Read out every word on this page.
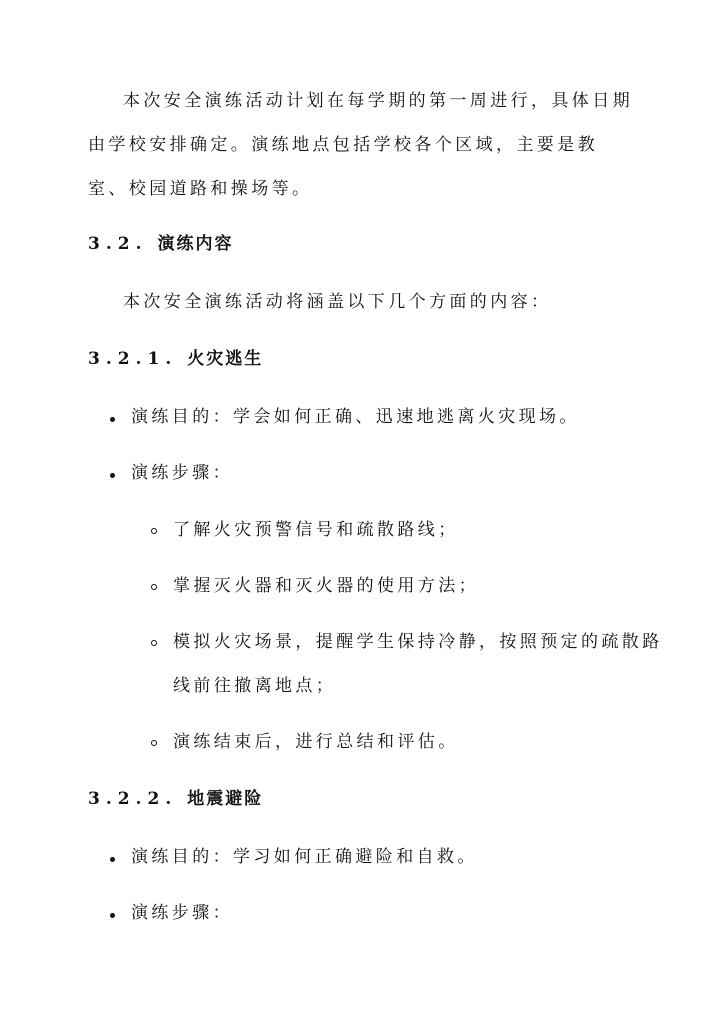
本次安全演练活动计划在每学期的第一周进行，具体日期由学校安排确定。演练地点包括学校各个区域，主要是教室、校园道路和操场等。

3.2. 演练内容

本次安全演练活动将涵盖以下几个方面的内容：

3.2.1. 火灾逃生

演练目的：学会如何正确、迅速地逃离火灾现场。

演练步骤：

了解火灾预警信号和疏散路线；

掌握灭火器和灭火器的使用方法；

模拟火灾场景，提醒学生保持冷静，按照预定的疏散路

线前往撤离地点；

演练结束后，进行总结和评估。

3.2.2. 地震避险

演练目的：学习如何正确避险和自救。

演练步骤：
